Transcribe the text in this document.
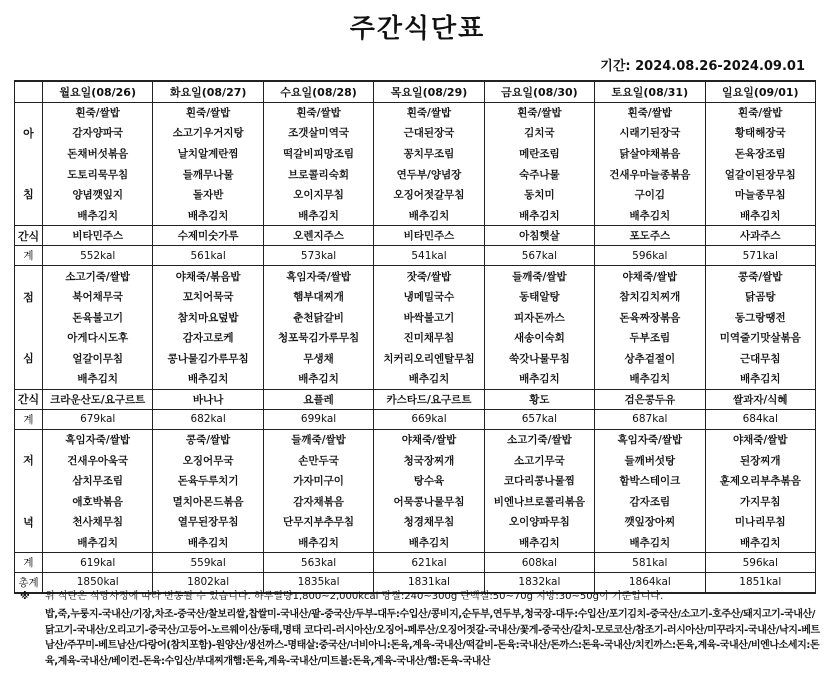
주간식단표
기간: 2024.08.26-2024.09.01
	월요일(08/26)	화요일(08/27)	수요일(08/28)	목요일(08/29)	금요일(08/30)	토요일(08/31)	일요일(09/01)

아
침	흰죽/쌀밥	흰죽/쌀밥	흰죽/쌀밥	흰죽/쌀밥	흰죽/쌀밥	흰죽/쌀밥	흰죽/쌀밥
	감자양파국	소고기우거지탕	조갯살미역국	근대된장국	김치국	시래기된장국	황태해장국
	돈채버섯볶음	날치알계란찜	떡갈비피망조림	꽁치무조림	메란조림	닭살야채볶음	돈육장조림
	도토리묵무침	들깨무나물	브로콜리숙회	연두부/양념장	숙주나물	건새우마늘종볶음	얼갈이된장무침
	양념깻잎지	돌자반	오이지무침	오징어젓갈무침	동치미	구이김	마늘종무침
	배추김치	배추김치	배추김치	배추김치	배추김치	배추김치	배추김치
간식	비타민주스	수제미숫가루	오렌지주스	비타민주스	아침햇살	포도주스	사과주스
계	552kal	561kal	573kal	541kal	567kal	596kal	571kal

점
심	소고기죽/쌀밥	야채죽/볶음밥	흑임자죽/쌀밥	잣죽/쌀밥	들깨죽/쌀밥	야채죽/쌀밥	콩죽/쌀밥
	북어채무국	꼬치어묵국	햄부대찌개	냉메밀국수	동태알탕	참치김치찌개	닭곰탕
	돈육불고기	참치마요덮밥	춘천닭갈비	바싹불고기	피자돈까스	돈육짜장볶음	동그랑땡전
	아게다시도후	감자고로케	청포묵김가루무침	진미채무침	새송이숙회	두부조림	미역줄기맛살볶음
	얼갈이무침	콩나물김가루무침	무생채	치커리오리엔탈무침	쑥갓나물무침	상추겉절이	근대무침
	배추김치	배추김치	배추김치	배추김치	배추김치	배추김치	배추김치
간식	크라운산도/요구르트	바나나	요플레	카스타드/요구르트	황도	검은콩두유	쌀과자/식혜
계	679kal	682kal	699kal	669kal	657kal	687kal	684kal

저
녁	흑임자죽/쌀밥	콩죽/쌀밥	들깨죽/쌀밥	야채죽/쌀밥	소고기죽/쌀밥	흑임자죽/쌀밥	야채죽/쌀밥
	건새우아욱국	오징어무국	손만두국	청국장찌개	소고기무국	들깨버섯탕	된장찌개
	삼치무조림	돈육두루치기	가자미구이	탕수육	코다리콩나물찜	함박스테이크	훈제오리부추볶음
	애호박볶음	멸치아몬드볶음	감자채볶음	어묵콩나물무침	비엔나브로콜리볶음	감자조림	가지무침
	천사채무침	열무된장무침	단무지부추무침	청경채무침	오이양파무침	깻잎장아찌	미나리무침
	배추김치	배추김치	배추김치	배추김치	배추김치	배추김치	배추김치
계	619kal	559kal	563kal	621kal	608kal	581kal	596kal
총계	1850kal	1802kal	1835kal	1831kal	1832kal	1864kal	1851kal
※ 위 식단은 식당사정에 따라 변동될 수 있습니다. 하루열량1,800~2,000kcal 당질:240~300g 단백질:50~70g 지방:30~50g이 기준입니다.
밥,죽,누룽지-국내산/기장,차조-중국산/찰보리쌀,찹쌀미-국내산/팥-중국산/두부-대두:수입산/콩비지,순두부,연두부,청국장-대두:수입산/포기김치-중국산/소고기-호주산/돼지고기-국내산/닭고기-국내산/오리고기-중국산/고등어-노르웨이산/동태,명태 코다리-러시아산/오징어-페루산/오징어젓갈-국내산/꽃게-중국산/갈치-모로코산/참조기-러시아산/미꾸라지-국내산/낙지-베트남산/주꾸미-베트남산/다랑어(참치포함)-원양산/생선까스-명태살:중국산/너비아니:돈육,계육-국내산/떡갈비-돈육:국내산/돈까스:돈육-국내산/치킨까스:돈육,계육-국내산/비엔나소세지:돈육,계육-국내산/베이컨-돈육:수입산/부대찌개햄:돈육,계육-국내산/미트볼:돈육,계육-국내산/햄:돈육-국내산
